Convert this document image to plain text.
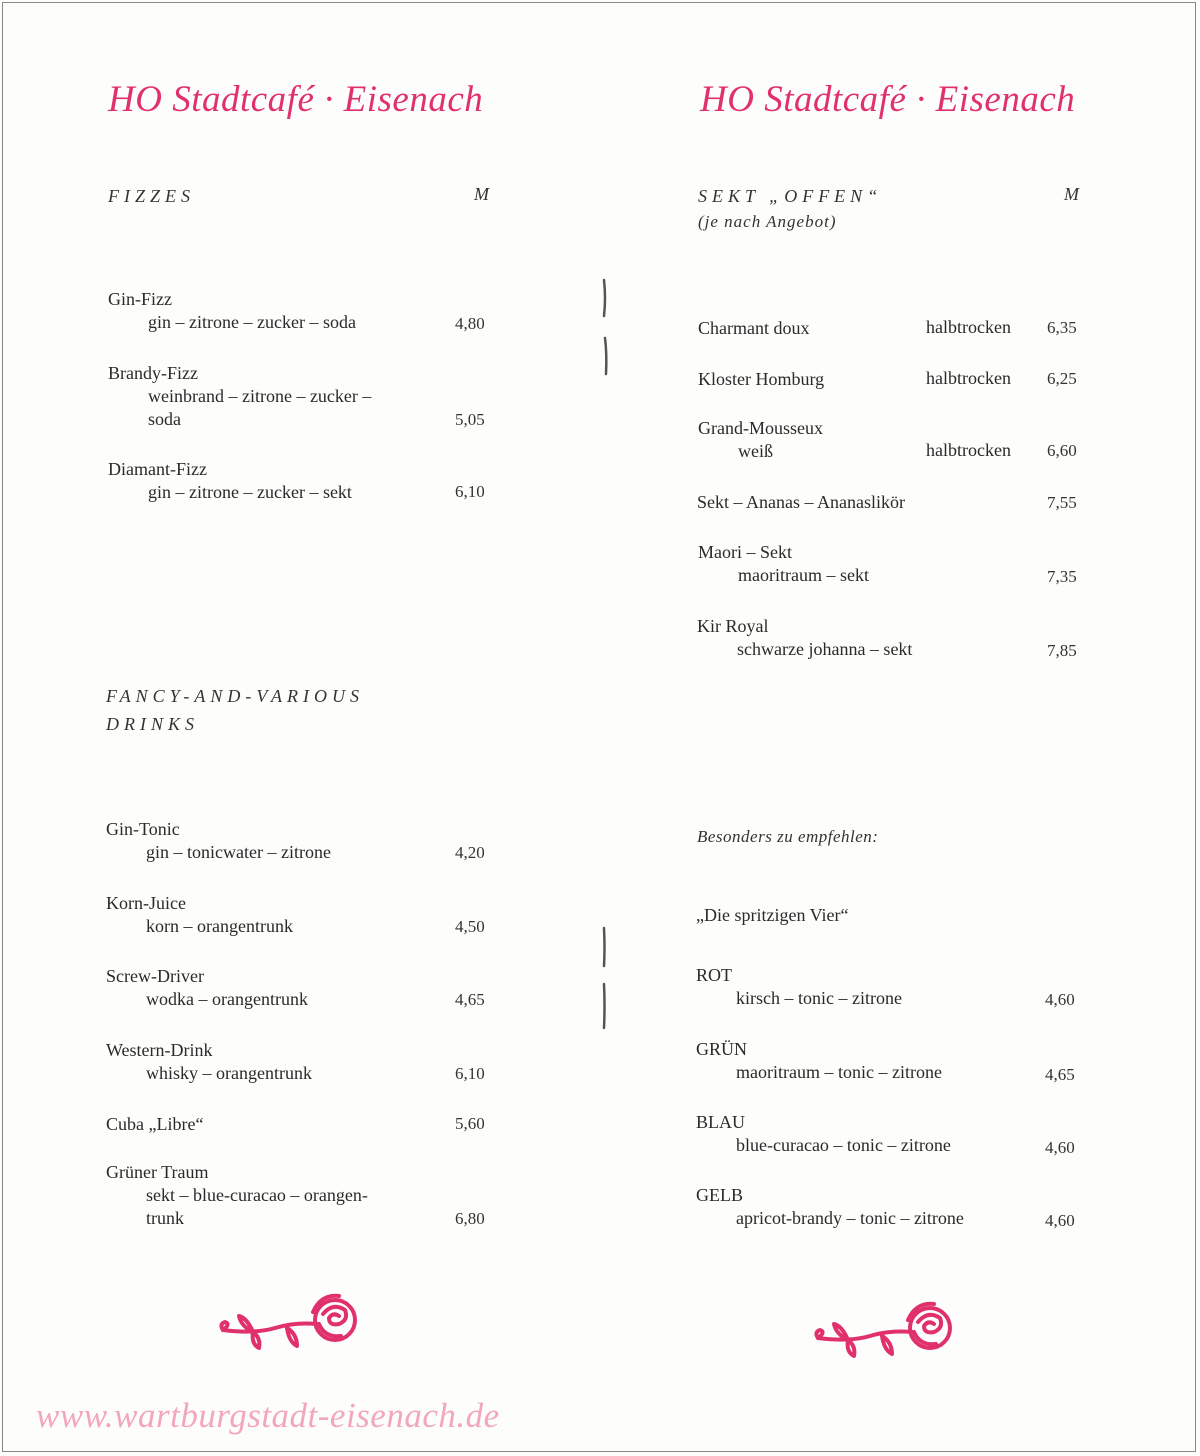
HO Stadtcafé · Eisenach
FIZZES	M
Gin-Fizz
gin – zitrone – zucker – soda	4,80
Brandy-Fizz
weinbrand – zitrone – zucker –
soda	5,05
Diamant-Fizz
gin – zitrone – zucker – sekt	6,10
FANCY-AND-VARIOUS
DRINKS
Gin-Tonic
gin – tonicwater – zitrone	4,20
Korn-Juice
korn – orangentrunk	4,50
Screw-Driver
wodka – orangentrunk	4,65
Western-Drink
whisky – orangentrunk	6,10
Cuba „Libre“	5,60
Grüner Traum
sekt – blue-curacao – orangen-
trunk	6,80
HO Stadtcafé · Eisenach
SEKT „OFFEN“
(je nach Angebot)
M
Charmant doux	halbtrocken 6,35
Kloster Homburg	halbtrocken 6,25
Grand-Mousseux
weiß	halbtrocken 6,60
Sekt – Ananas – Ananaslikör	7,55
Maori – Sekt
maoritraum – sekt	7,35
Kir Royal
schwarze johanna – sekt	7,85
Besonders zu empfehlen:
„Die spritzigen Vier“
ROT
kirsch – tonic – zitrone	4,60
GRÜN
maoritraum – tonic – zitrone	4,65
BLAU
blue-curacao – tonic – zitrone	4,60
GELB
apricot-brandy – tonic – zitrone	4,60
www.wartburgstadt-eisenach.de
